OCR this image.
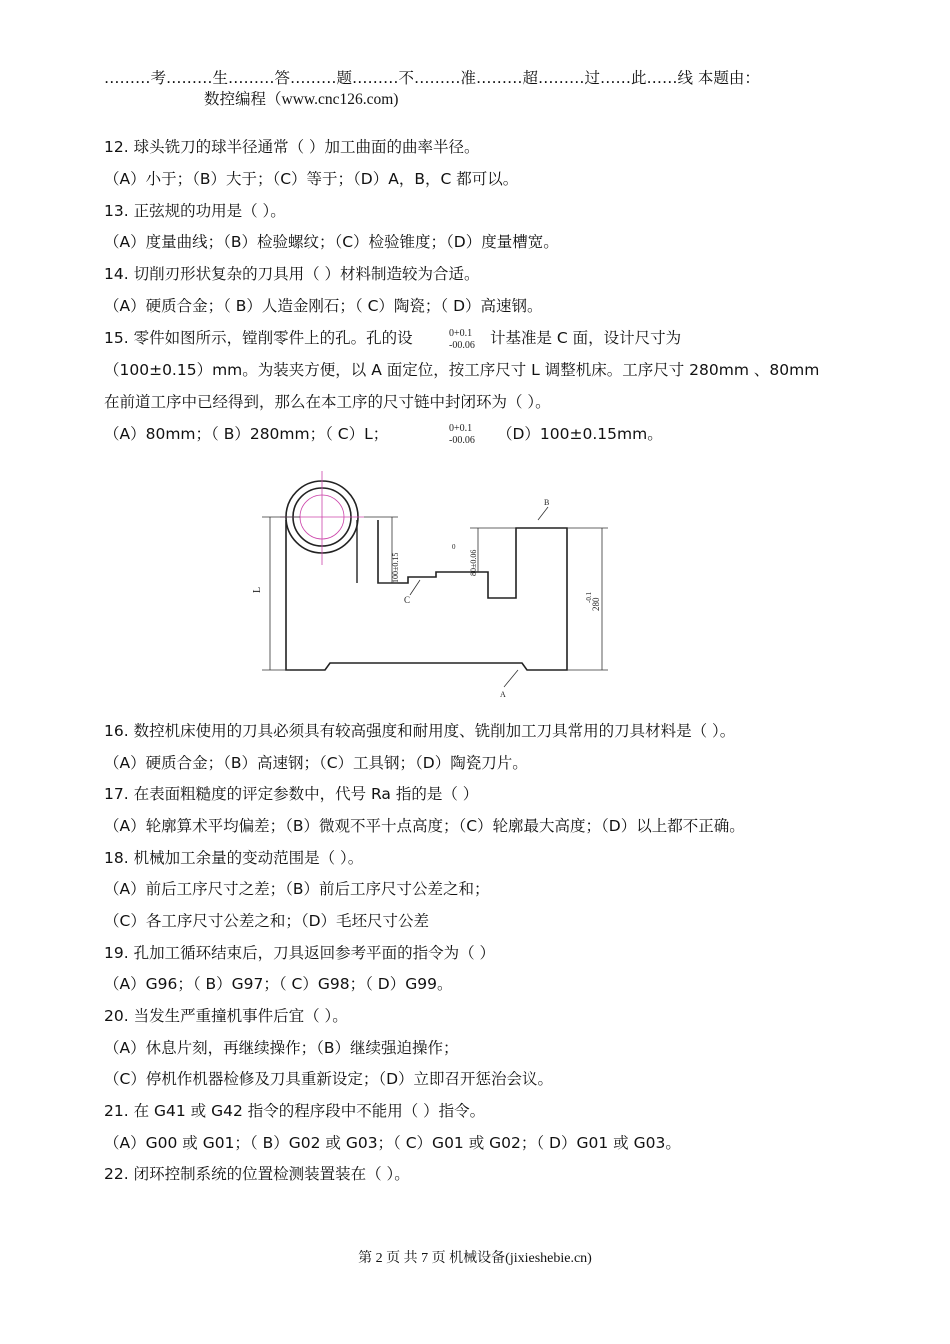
………考………生………答………题………不………准………超………过……此……线 本题由：
数控编程（www.cnc126.com)
12. 球头铣刀的球半径通常（ ）加工曲面的曲率半径。
（A）小于；（B）大于；（C）等于；（D）A，B，C 都可以。
13. 正弦规的功用是（ ）。
（A）度量曲线；（B）检验螺纹；（C）检验锥度；（D）度量槽宽。
14. 切削刃形状复杂的刀具用（ ）材料制造较为合适。
（A）硬质合金；（ B）人造金刚石；（ C）陶瓷；（ D）高速钢。
15. 零件如图所示，镗削零件上的孔。孔的设	0+0.1
-00.06 计基准是 C 面，设计尺寸为
（100±0.15）mm。为装夹方便，以 A 面定位，按工序尺寸 L 调整机床。工序尺寸 280mm 、80mm
在前道工序中已经得到，那么在本工序的尺寸链中封闭环为（ ）。
（A）80mm；（ B）280mm；（ C）L；	0+0.1
-00.06 （D）100±0.15mm。
L
100±0.15	80±0.06
0
280
-0.1
C
B
A
16. 数控机床使用的刀具必须具有较高强度和耐用度、铣削加工刀具常用的刀具材料是（ ）。
（A）硬质合金；（B）高速钢；（C）工具钢；（D）陶瓷刀片。
17. 在表面粗糙度的评定参数中，代号 Ra 指的是（ ）
（A）轮廓算术平均偏差；（B）微观不平十点高度；（C）轮廓最大高度；（D）以上都不正确。
18. 机械加工余量的变动范围是（ ）。
（A）前后工序尺寸之差；（B）前后工序尺寸公差之和；
（C）各工序尺寸公差之和；（D）毛坯尺寸公差
19. 孔加工循环结束后，刀具返回参考平面的指令为（ ）
（A）G96；（ B）G97；（ C）G98；（ D）G99。
20. 当发生严重撞机事件后宜（ ）。
（A）休息片刻，再继续操作；（B）继续强迫操作；
（C）停机作机器检修及刀具重新设定；（D）立即召开惩治会议。
21. 在 G41 或 G42 指令的程序段中不能用（ ）指令。
（A）G00 或 G01；（ B）G02 或 G03；（ C）G01 或 G02；（ D）G01 或 G03。
22. 闭环控制系统的位置检测装置装在（ ）。
第 2 页 共 7 页 机械设备(jixieshebie.cn)
